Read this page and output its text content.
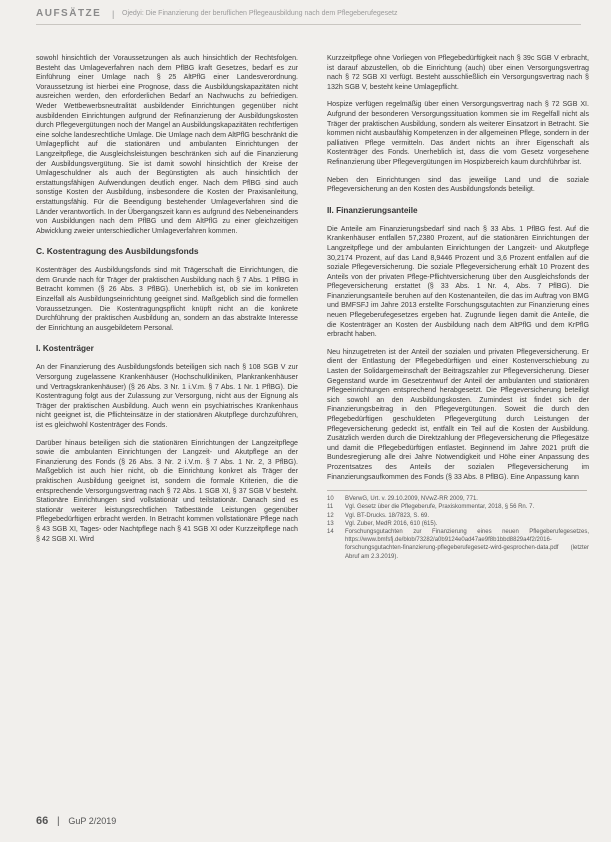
AUFSÄTZE | Ojedyi: Die Finanzierung der beruflichen Pflegeausbildung nach dem Pflegeberufegesetz

sowohl hinsichtlich der Voraussetzungen als auch hinsichtlich der Rechtsfolgen. Besteht das Umlageverfahren nach dem PflBG kraft Gesetzes, bedarf es zur Einführung einer Umlage nach § 25 AltPflG einer Landesverordnung. Voraussetzung ist hierbei eine Prognose, dass die Ausbildungskapazitäten nicht ausreichen werden, den erforderlichen Bedarf an Nachwuchs zu befriedigen. Weder Wettbewerbsneutralität ausbildender Einrichtungen gegenüber nicht ausbildenden Einrichtungen aufgrund der Refinanzierung der Ausbildungskosten durch Pflegevergütungen noch der Mangel an Ausbildungskapazitäten rechtfertigen eine solche landesrechtliche Umlage. Die Umlage nach dem AltPflG beschränkt die Umlagepflicht auf die stationären und ambulanten Einrichtungen der Langzeitpflege, die Ausgleichsleistungen beschränken sich auf die Finanzierung der Ausbildungsvergütung. Sie ist damit sowohl hinsichtlich der Kreise der Umlageschuldner als auch der Begünstigten als auch hinsichtlich der erstattungsfähigen Aufwendungen deutlich enger. Nach dem PflBG sind auch sonstige Kosten der Ausbildung, insbesondere die Kosten der Praxisanleitung, erstattungsfähig. Für die Beendigung bestehender Umlageverfahren sind die Länder verantwortlich. In der Übergangszeit kann es aufgrund des Nebeneinanders von Ausbildungen nach dem PflBG und dem AltPflG zu einer gleichzeitigen Abwicklung zweier unterschiedlicher Umlageverfahren kommen.

C. Kostentragung des Ausbildungsfonds

Kostenträger des Ausbildungsfonds sind mit Trägerschaft die Einrichtungen, die dem Grunde nach für Träger der praktischen Ausbildung nach § 7 Abs. 1 PflBG in Betracht kommen (§ 26 Abs. 3 PflBG). Unerheblich ist, ob sie im konkreten Einzelfall als Ausbildungseinrichtung geeignet sind. Maßgeblich sind die formellen Voraussetzungen. Die Kostentragungspflicht knüpft nicht an die konkrete Durchführung der praktischen Ausbildung an, sondern an das abstrakte Interesse der Einrichtung an ausgebildetem Personal.

I. Kostenträger

An der Finanzierung des Ausbildungsfonds beteiligen sich nach § 108 SGB V zur Versorgung zugelassene Krankenhäuser (Hochschulkliniken, Plankrankenhäuser und Vertragskrankenhäuser) (§ 26 Abs. 3 Nr. 1 i.V.m. § 7 Abs. 1 Nr. 1 PflBG). Die Kostentragung folgt aus der Zulassung zur Versorgung, nicht aus der Eignung als Träger der praktischen Ausbildung. Auch wenn ein psychiatrisches Krankenhaus nicht geeignet ist, die Pflichteinsätze in der stationären Akutpflege durchzuführen, ist es gleichwohl Kostenträger des Fonds.

Darüber hinaus beteiligen sich die stationären Einrichtungen der Langzeitpflege sowie die ambulanten Einrichtungen der Langzeit- und Akutpflege an der Finanzierung des Fonds (§ 26 Abs. 3 Nr. 2 i.V.m. § 7 Abs. 1 Nr. 2, 3 PflBG). Maßgeblich ist auch hier nicht, ob die Einrichtung konkret als Träger der praktischen Ausbildung geeignet ist, sondern die formale Kriterien, die die entsprechende Versorgungsvertrag nach § 72 Abs. 1 SGB XI, § 37 SGB V besteht. Stationäre Einrichtungen sind vollstationär und teilstationär. Danach sind es stationär weiterer leistungsrechtlichen Tatbestände Leistungen gegenüber Pflegebedürftigen erbracht werden. In Betracht kommen vollstationäre Pflege nach § 43 SGB XI, Tages- oder Nachtpflege nach § 41 SGB XI oder Kurzzeitpflege nach § 42 SGB XI. Wird

Kurzzeitpflege ohne Vorliegen von Pflegebedürftigkeit nach § 39c SGB V erbracht, ist darauf abzustellen, ob die Einrichtung (auch) über einen Versorgungsvertrag nach § 72 SGB XI verfügt. Besteht ausschließlich ein Versorgungsvertrag nach § 132h SGB V, besteht keine Umlagepflicht.

Hospize verfügen regelmäßig über einen Versorgungsvertrag nach § 72 SGB XI. Aufgrund der besonderen Versorgungssituation kommen sie im Regelfall nicht als Träger der praktischen Ausbildung, sondern als weiterer Einsatzort in Betracht. Sie kommen nicht ausbaufähig Kompetenzen in der allgemeinen Pflege, sondern in der palliativen Pflege vermitteln. Das ändert nichts an ihrer Eigenschaft als Kostenträger des Fonds. Unerheblich ist, dass die vom Gesetz vorgesehene Refinanzierung über Pflegevergütungen im Hospizbereich kaum durchführbar ist.

Neben den Einrichtungen sind das jeweilige Land und die soziale Pflegeversicherung an den Kosten des Ausbildungsfonds beteiligt.

II. Finanzierungsanteile

Die Anteile am Finanzierungsbedarf sind nach § 33 Abs. 1 PflBG fest. Auf die Krankenhäuser entfallen 57,2380 Prozent, auf die stationären Einrichtungen der Langzeitpflege und der ambulanten Einrichtungen der Langzeit- und Akutpflege 30,2174 Prozent, auf das Land 8,9446 Prozent und 3,6 Prozent entfallen auf die soziale Pflegeversicherung. Die soziale Pflegeversicherung erhält 10 Prozent des Anteils von der privaten Pflege-Pflichtversicherung über den Ausgleichsfonds der Pflegeversicherung erstattet (§ 33 Abs. 1 Nr. 4, Abs. 7 PflBG). Die Finanzierungsanteile beruhen auf den Kostenanteilen, die das im Auftrag von BMG und BMFSFJ im Jahre 2013 erstellte Forschungsgutachten zur Finanzierung eines neuen Pflegeberufegesetzes ergeben hat. Zugrunde liegen damit die Anteile, die die Kostenträger an Kosten der Ausbildung nach dem AltPflG und dem KrPflG erbracht haben.

Neu hinzugetreten ist der Anteil der sozialen und privaten Pflegeversicherung. Er dient der Entlastung der Pflegebedürftigen und einer Kostenverschiebung zu Lasten der Solidargemeinschaft der Beitragszahler zur Pflegeversicherung. Dieser Gegenstand wurde im Gesetzentwurf der Anteil der ambulanten und stationären Pflegeeinrichtungen entsprechend herabgesetzt. Die Pflegeversicherung beteiligt sich sowohl an den Ausbildungskosten. Zumindest ist findet sich der Finanzierungsbeitrag in den Pflegevergütungen. Soweit die durch den Pflegebedürftigen geschuldeten Pflegevergütung durch Leistungen der Pflegeversicherung gedeckt ist, entfällt ein Teil auf die Kosten der Ausbildung. Zusätzlich werden durch die Direktzahlung der Pflegeversicherung die Pflegesätze und damit die Pflegebedürftigen entlastet. Beginnend im Jahre 2021 prüft die Bundesregierung alle drei Jahre Notwendigkeit und Höhe einer Anpassung des Prozentsatzes des Anteils der sozialen Pflegeversicherung im Finanzierungsaufkommen des Fonds (§ 33 Abs. 8 PflBG). Eine Anpassung kann

10	BVerwG, Urt. v. 29.10.2009, NVwZ-RR 2009, 771.
11	Vgl. Gesetz über die Pflegeberufe, Praxiskommentar, 2018, § 56 Rn. 7.
12	Vgl. BT-Drucks. 18/7823, S. 69.
13	Vgl. Zuber, MedR 2016, 610 (615).
14	Forschungsgutachten zur Finanzierung eines neuen Pflegeberufegesetzes, https://www.bmfsfj.de/blob/73282/a0b9124e0ad47ae9f8b1bbd8829a4f2/2016-forschungsgutachten-finanzierung-pflegeberufegesetz-wird-gesprochen-data.pdf (letzter Abruf am 2.3.2019).
66 | GuP 2/2019
